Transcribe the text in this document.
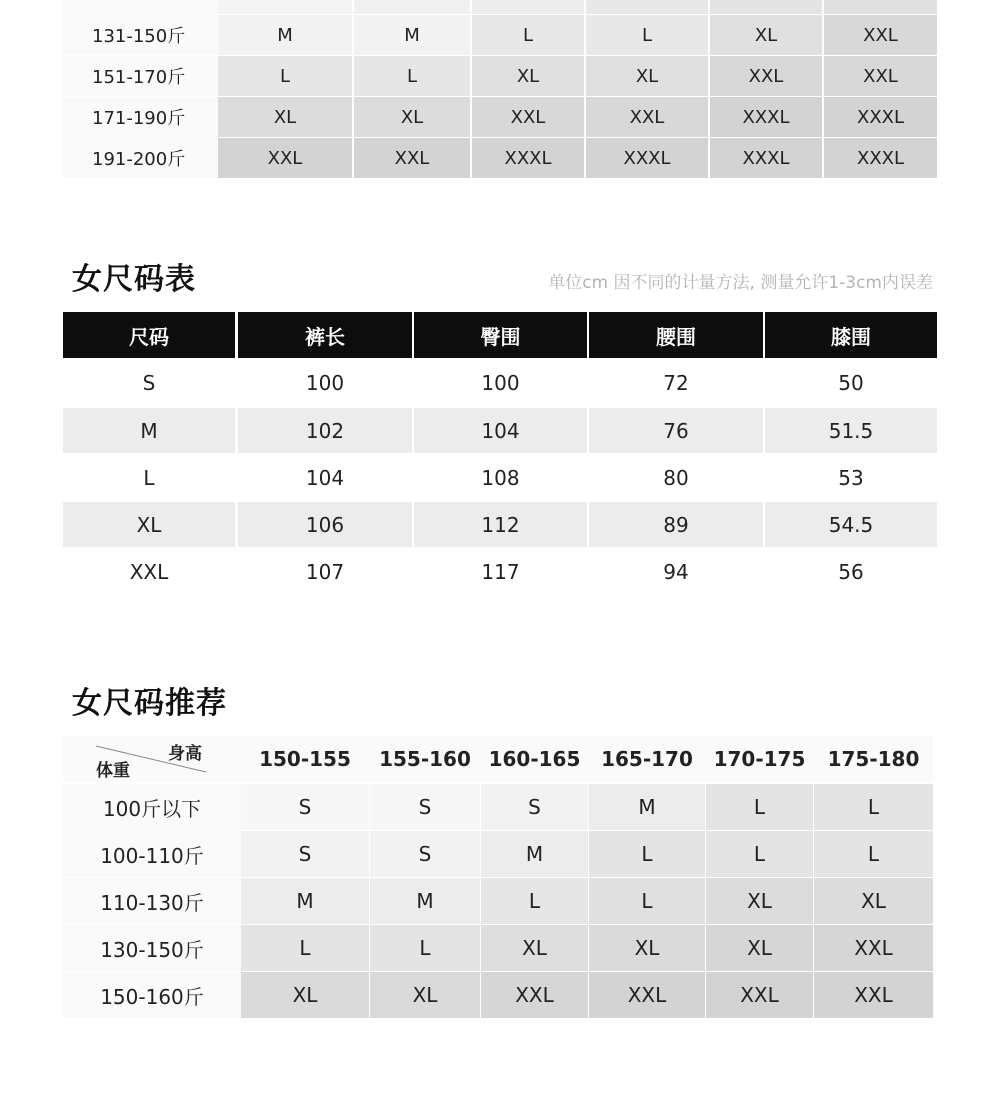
131-150斤	M	M	L	L	XL	XXL
151-170斤	L	L	XL	XL	XXL	XXL
171-190斤	XL	XL	XXL	XXL	XXXL	XXXL
191-200斤	XXL	XXL	XXXL	XXXL	XXXL	XXXL
女尺码表	单位cm 因不同的计量方法, 测量允许1-3cm内误差
尺码	裤长	臀围	腰围	膝围
S	100	100	72	50
M	102	104	76	51.5
L	104	108	80	53
XL	106	112	89	54.5
XXL	107	117	94	56
女尺码推荐
身高
体重	150-155	155-160 160-165	165-170	170-175	175-180
100斤以下	S	S	S	M	L	L
100-110斤	S	S	M	L	L	L
110-130斤	M	M	L	L	XL	XL
130-150斤	L	L	XL	XL	XL	XXL
150-160斤	XL	XL	XXL	XXL	XXL	XXL
